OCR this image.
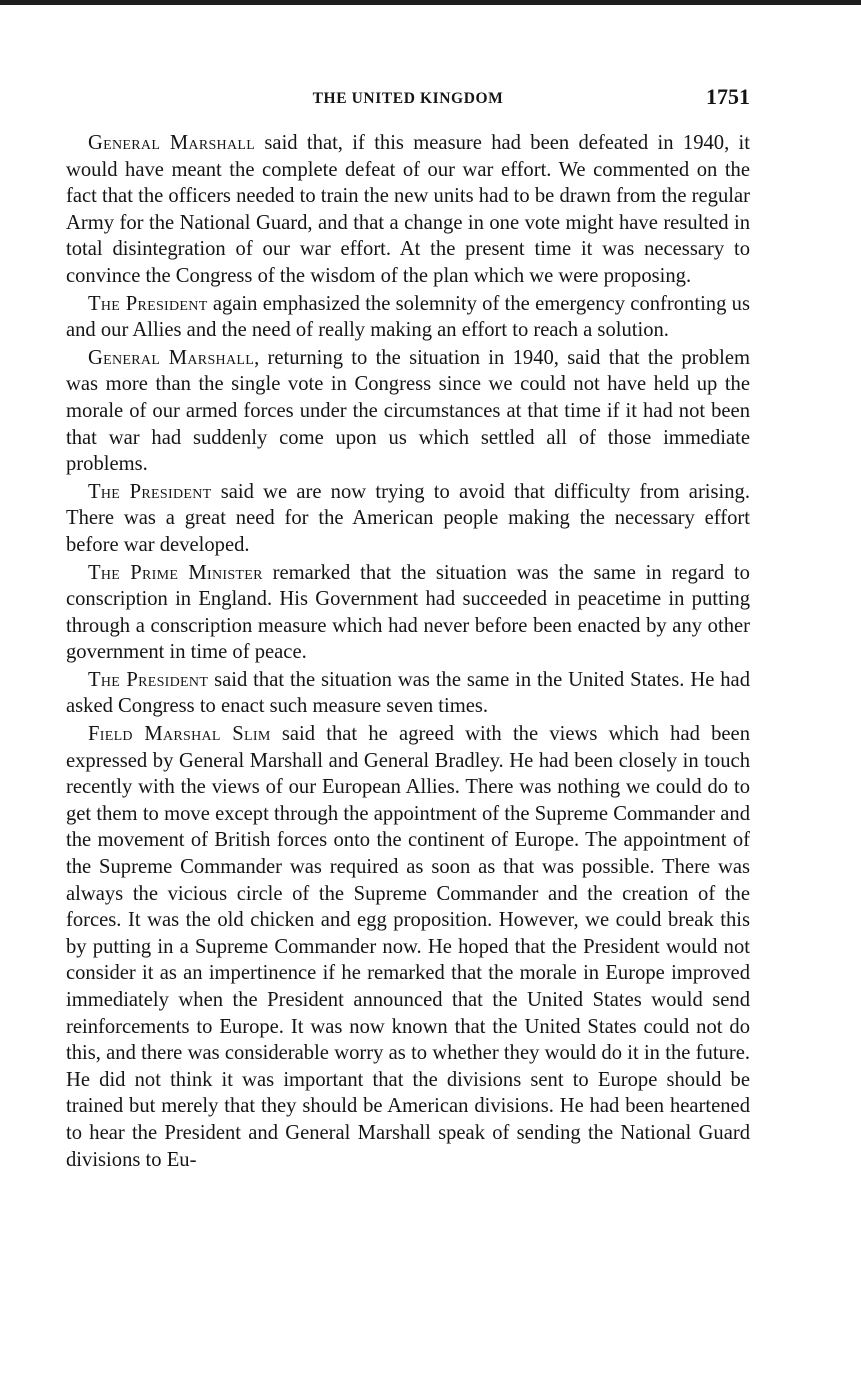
THE UNITED KINGDOM	1751

General Marshall said that, if this measure had been defeated in 1940, it would have meant the complete defeat of our war effort. We commented on the fact that the officers needed to train the new units had to be drawn from the regular Army for the National Guard, and that a change in one vote might have resulted in total disintegration of our war effort. At the present time it was necessary to convince the Congress of the wisdom of the plan which we were proposing.

The President again emphasized the solemnity of the emergency confronting us and our Allies and the need of really making an effort to reach a solution.

General Marshall, returning to the situation in 1940, said that the problem was more than the single vote in Congress since we could not have held up the morale of our armed forces under the circumstances at that time if it had not been that war had suddenly come upon us which settled all of those immediate problems.

The President said we are now trying to avoid that difficulty from arising. There was a great need for the American people making the necessary effort before war developed.

The Prime Minister remarked that the situation was the same in regard to conscription in England. His Government had succeeded in peacetime in putting through a conscription measure which had never before been enacted by any other government in time of peace.

The President said that the situation was the same in the United States. He had asked Congress to enact such measure seven times.

Field Marshal Slim said that he agreed with the views which had been expressed by General Marshall and General Bradley. He had been closely in touch recently with the views of our European Allies. There was nothing we could do to get them to move except through the appointment of the Supreme Commander and the movement of British forces onto the continent of Europe. The appointment of the Supreme Commander was required as soon as that was possible. There was always the vicious circle of the Supreme Commander and the creation of the forces. It was the old chicken and egg proposition. However, we could break this by putting in a Supreme Commander now. He hoped that the President would not consider it as an impertinence if he remarked that the morale in Europe improved immediately when the President announced that the United States would send reinforcements to Europe. It was now known that the United States could not do this, and there was considerable worry as to whether they would do it in the future. He did not think it was important that the divisions sent to Europe should be trained but merely that they should be American divisions. He had been heartened to hear the President and General Marshall speak of sending the National Guard divisions to Eu-
